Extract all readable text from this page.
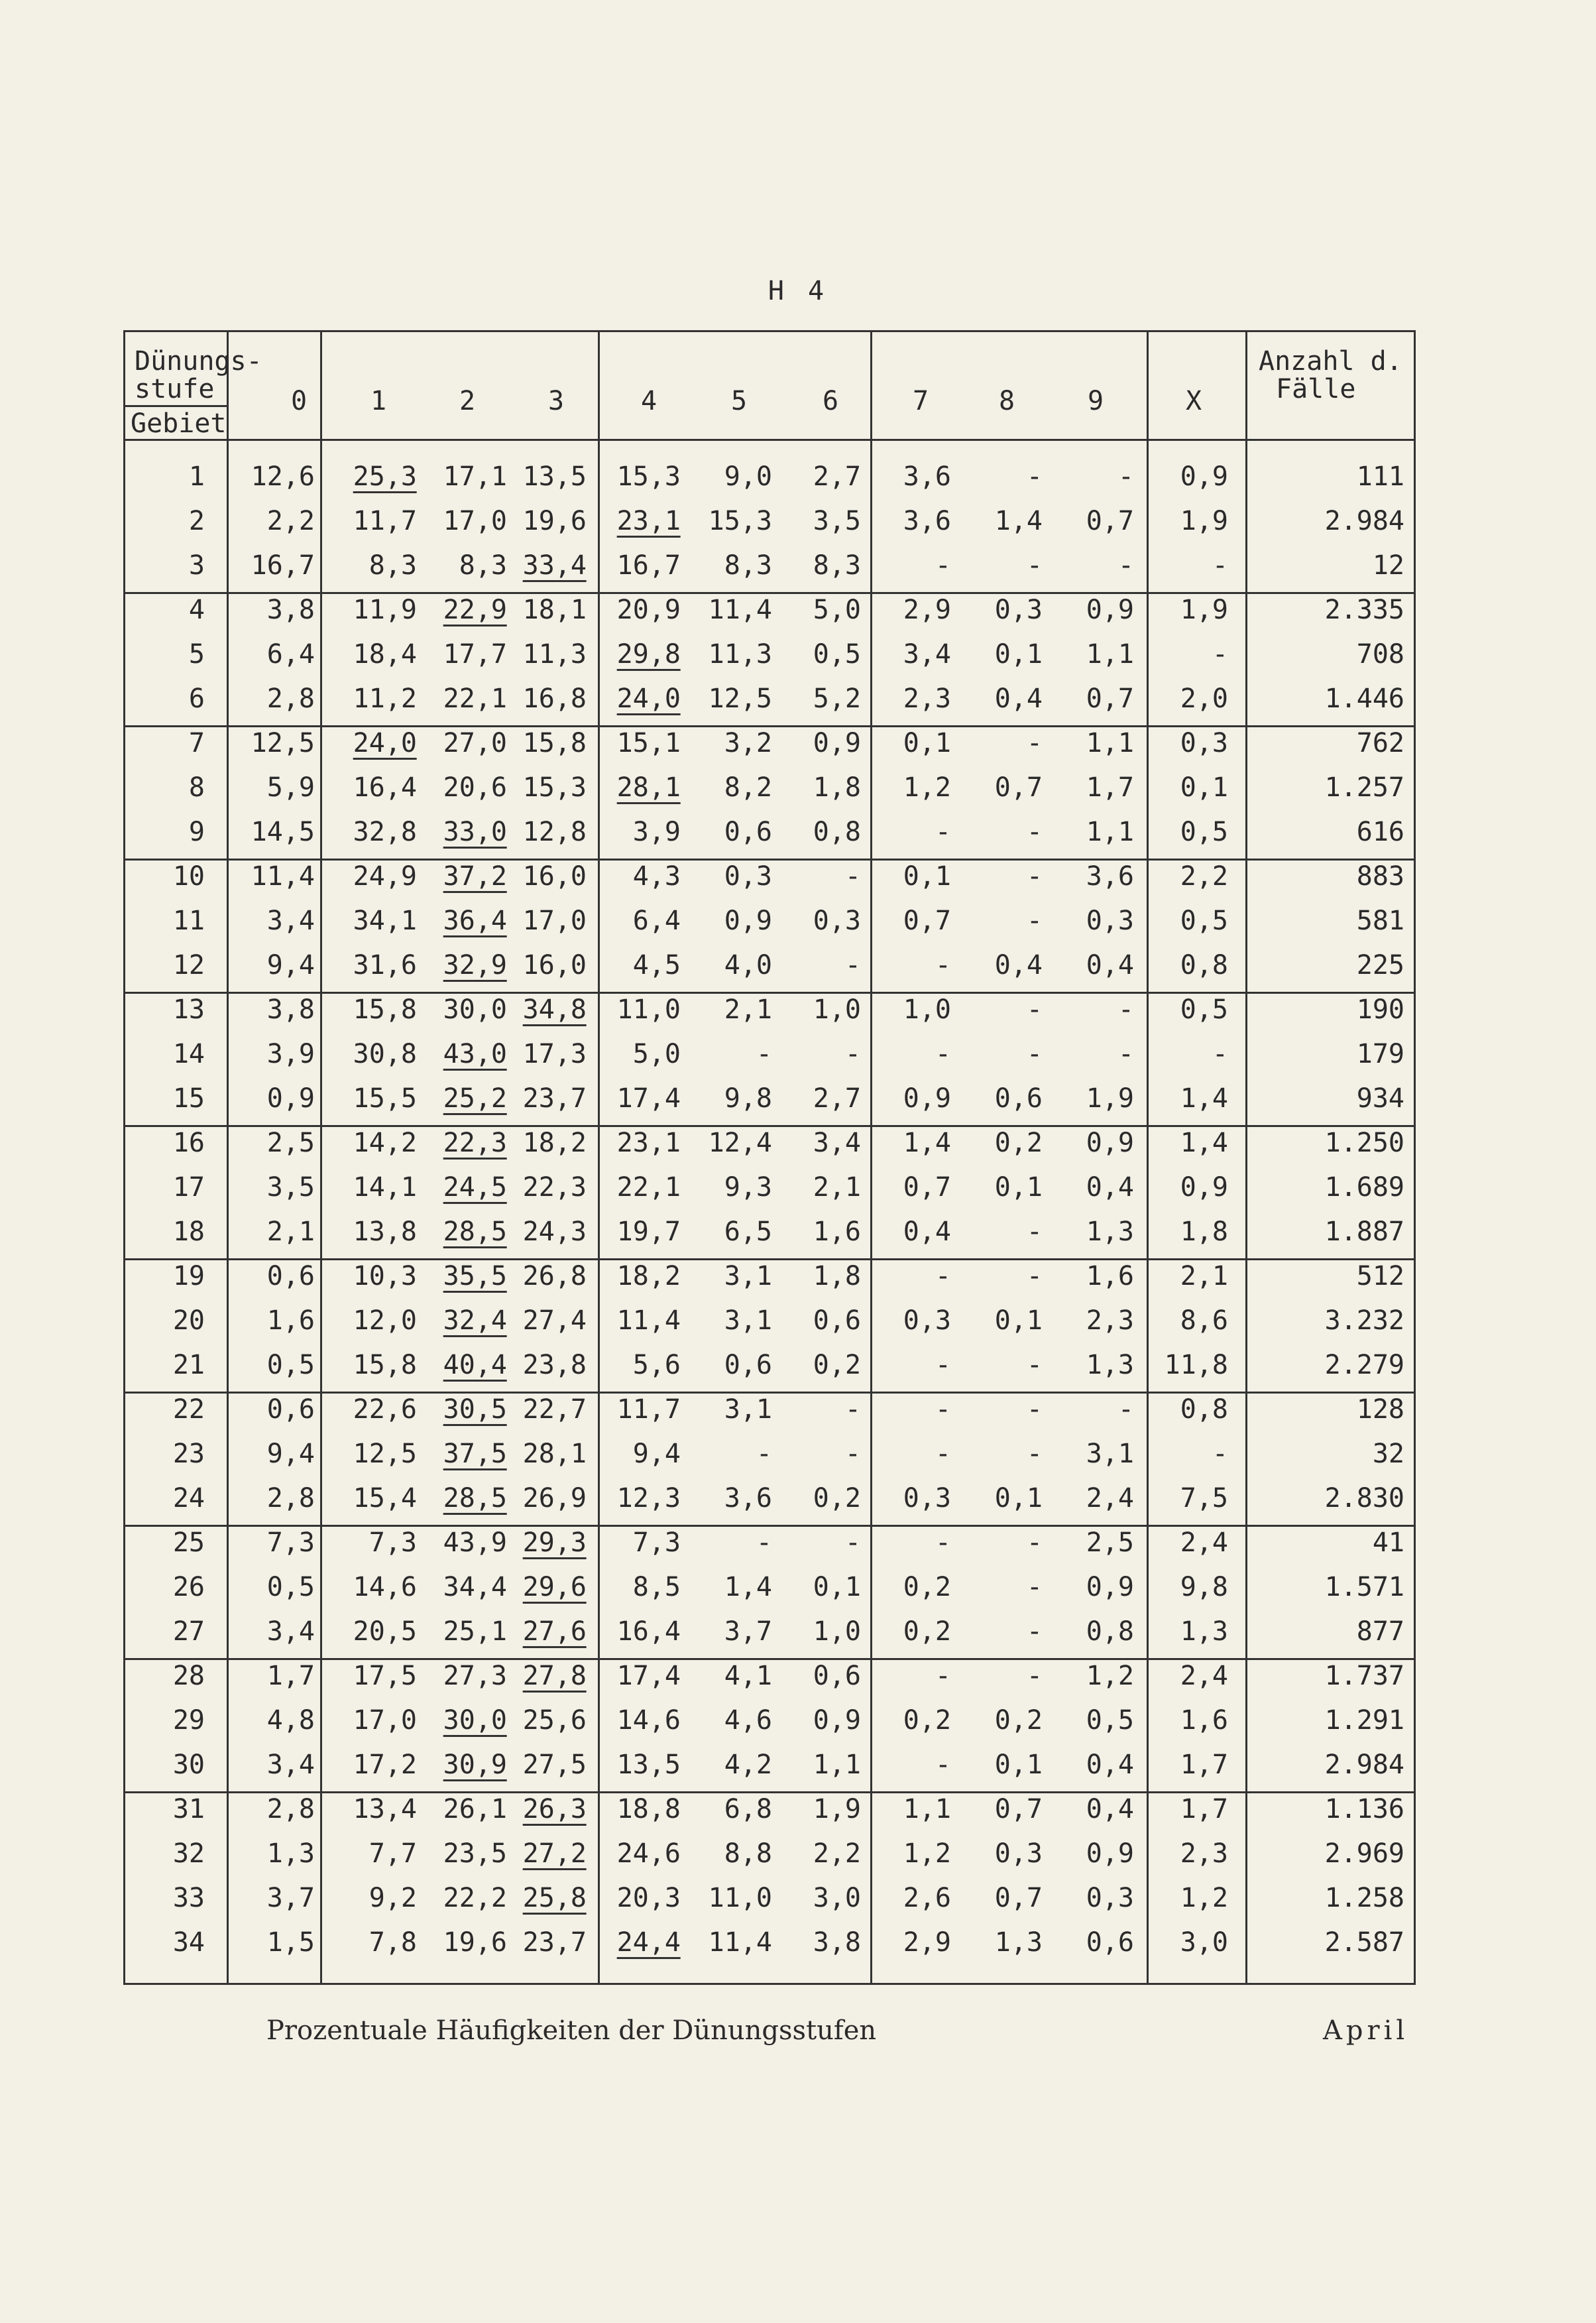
H 4
Dünungs-
stufe
Gebiet
Anzahl d.
Fälle
0 1	2	3	4	5	6	7	8	9	X
1 12,6 25,3 17,1 13,5 15,3 9,0 2,7 3,6	-	- 0,9	111
2 2,2 11,7 17,0 19,6 23,1 15,3 3,5 3,6 1,4 0,7 1,9	2.984
3 16,7 8,3 8,3 33,4 16,7 8,3 8,3	-	-	-	-	12
4 3,8 11,9 22,9 18,1 20,9 11,4 5,0 2,9 0,3 0,9 1,9	2.335
5 6,4 18,4 17,7 11,3 29,8 11,3 0,5 3,4 0,1 1,1	-	708
6 2,8 11,2 22,1 16,8 24,0 12,5 5,2 2,3 0,4 0,7 2,0	1.446
7 12,5 24,0 27,0 15,8 15,1 3,2 0,9 0,1	- 1,1 0,3	762
8 5,9 16,4 20,6 15,3 28,1 8,2 1,8 1,2 0,7 1,7 0,1	1.257
9 14,5 32,8 33,0 12,8 3,9 0,6 0,8	-	- 1,1 0,5	616
10 11,4 24,9 37,2 16,0 4,3 0,3	- 0,1	- 3,6 2,2	883
11 3,4 34,1 36,4 17,0 6,4 0,9 0,3 0,7	- 0,3 0,5	581
12 9,4 31,6 32,9 16,0 4,5 4,0	-	- 0,4 0,4 0,8	225
13 3,8 15,8 30,0 34,8 11,0 2,1 1,0 1,0	-	- 0,5	190
14 3,9 30,8 43,0 17,3 5,0	-	-	-	-	-	-	179
15 0,9 15,5 25,2 23,7 17,4 9,8 2,7 0,9 0,6 1,9 1,4	934
16 2,5 14,2 22,3 18,2 23,1 12,4 3,4 1,4 0,2 0,9 1,4	1.250
17 3,5 14,1 24,5 22,3 22,1 9,3 2,1 0,7 0,1 0,4 0,9	1.689
18 2,1 13,8 28,5 24,3 19,7 6,5 1,6 0,4	- 1,3 1,8	1.887
19 0,6 10,3 35,5 26,8 18,2 3,1 1,8	-	- 1,6 2,1	512
20 1,6 12,0 32,4 27,4 11,4 3,1 0,6 0,3 0,1 2,3 8,6	3.232
21 0,5 15,8 40,4 23,8 5,6 0,6 0,2	-	- 1,3 11,8	2.279
22 0,6 22,6 30,5 22,7 11,7 3,1	-	-	-	- 0,8	128
23 9,4 12,5 37,5 28,1 9,4	-	-	-	- 3,1	-	32
24 2,8 15,4 28,5 26,9 12,3 3,6 0,2 0,3 0,1 2,4 7,5	2.830
25 7,3 7,3 43,9 29,3 7,3	-	-	-	- 2,5 2,4	41
26 0,5 14,6 34,4 29,6 8,5 1,4 0,1 0,2	- 0,9 9,8	1.571
27 3,4 20,5 25,1 27,6 16,4 3,7 1,0 0,2	- 0,8 1,3	877
28 1,7 17,5 27,3 27,8 17,4 4,1 0,6	-	- 1,2 2,4	1.737
29 4,8 17,0 30,0 25,6 14,6 4,6 0,9 0,2 0,2 0,5 1,6	1.291
30 3,4 17,2 30,9 27,5 13,5 4,2 1,1	- 0,1 0,4 1,7	2.984
31 2,8 13,4 26,1 26,3 18,8 6,8 1,9 1,1 0,7 0,4 1,7	1.136
32 1,3 7,7 23,5 27,2 24,6 8,8 2,2 1,2 0,3 0,9 2,3	2.969
33 3,7 9,2 22,2 25,8 20,3 11,0 3,0 2,6 0,7 0,3 1,2	1.258
34 1,5 7,8 19,6 23,7 24,4 11,4 3,8 2,9 1,3 0,6 3,0	2.587
Prozentuale Häufigkeiten der Dünungsstufen	April
